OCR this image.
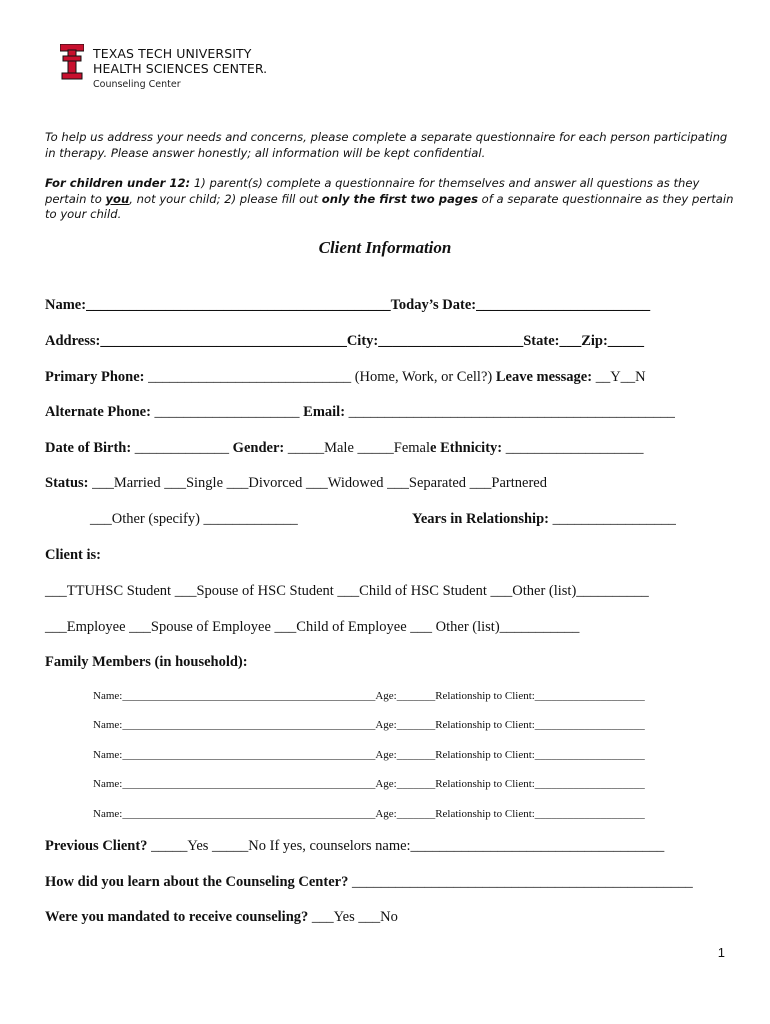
TEXAS TECH UNIVERSITY
HEALTH SCIENCES CENTER.
Counseling Center

To help us address your needs and concerns, please complete a separate questionnaire for each person participating in therapy. Please answer honestly; all information will be kept confidential.

For children under 12: 1) parent(s) complete a questionnaire for themselves and answer all questions as they pertain to you, not your child; 2) please fill out only the first two pages of a separate questionnaire as they pertain to your child.

Client Information
Name:__________________________________________Today’s Date:________________________
Address:__________________________________City:____________________State:___Zip:_____
Primary Phone: ____________________________ (Home, Work, or Cell?) Leave message: __Y__N
Alternate Phone: ____________________ Email: _____________________________________________
Date of Birth: _____________ Gender: _____Male _____Female Ethnicity: ___________________
Status: ___Married ___Single ___Divorced ___Widowed ___Separated ___Partnered
___Other (specify) _____________	Years in Relationship: _________________
Client is:
___TTUHSC Student ___Spouse of HSC Student ___Child of HSC Student ___Other (list)__________
___Employee ___Spouse of Employee ___Child of Employee ___ Other (list)___________
Family Members (in household):
Name:______________________________________________Age:_______Relationship to Client:____________________
Name:______________________________________________Age:_______Relationship to Client:____________________
Name:______________________________________________Age:_______Relationship to Client:____________________
Name:______________________________________________Age:_______Relationship to Client:____________________
Name:______________________________________________Age:_______Relationship to Client:____________________
Previous Client? _____Yes _____No If yes, counselors name:___________________________________
How did you learn about the Counseling Center? _______________________________________________
Were you mandated to receive counseling? ___Yes ___No
1
